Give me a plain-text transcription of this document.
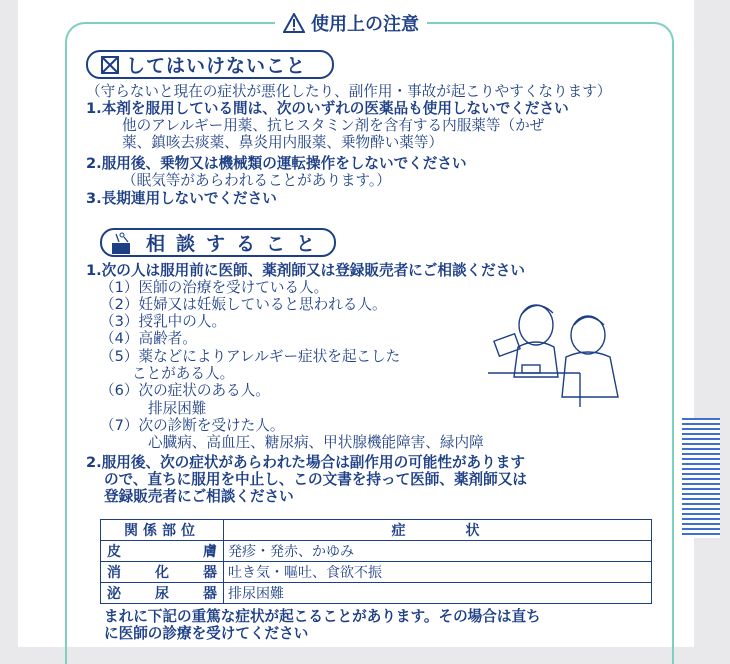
使用上の注意
してはいけないこと
（守らないと現在の症状が悪化したり、副作用・事故が起こりやすくなります）
1.本剤を服用している間は、次のいずれの医薬品も使用しないでください
他のアレルギー用薬、抗ヒスタミン剤を含有する内服薬等（かぜ
薬、鎮咳去痰薬、鼻炎用内服薬、乗物酔い薬等）
2.服用後、乗物又は機械類の運転操作をしないでください
（眠気等があらわれることがあります。）
3.長期連用しないでください
相談すること
1.次の人は服用前に医師、薬剤師又は登録販売者にご相談ください
（1）医師の治療を受けている人。
（2）妊婦又は妊娠していると思われる人。
（3）授乳中の人。
（4）高齢者。
（5）薬などによりアレルギー症状を起こした
ことがある人。
（6）次の症状のある人。
排尿困難
（7）次の診断を受けた人。
心臓病、高血圧、糖尿病、甲状腺機能障害、緑内障
2.服用後、次の症状があらわれた場合は副作用の可能性があります
ので、直ちに服用を中止し、この文書を持って医師、薬剤師又は
登録販売者にご相談ください
関係部位	症状
皮膚	発疹・発赤、かゆみ
消化器	吐き気・嘔吐、食欲不振
泌尿器	排尿困難
まれに下記の重篤な症状が起こることがあります。その場合は直ち
に医師の診療を受けてください
